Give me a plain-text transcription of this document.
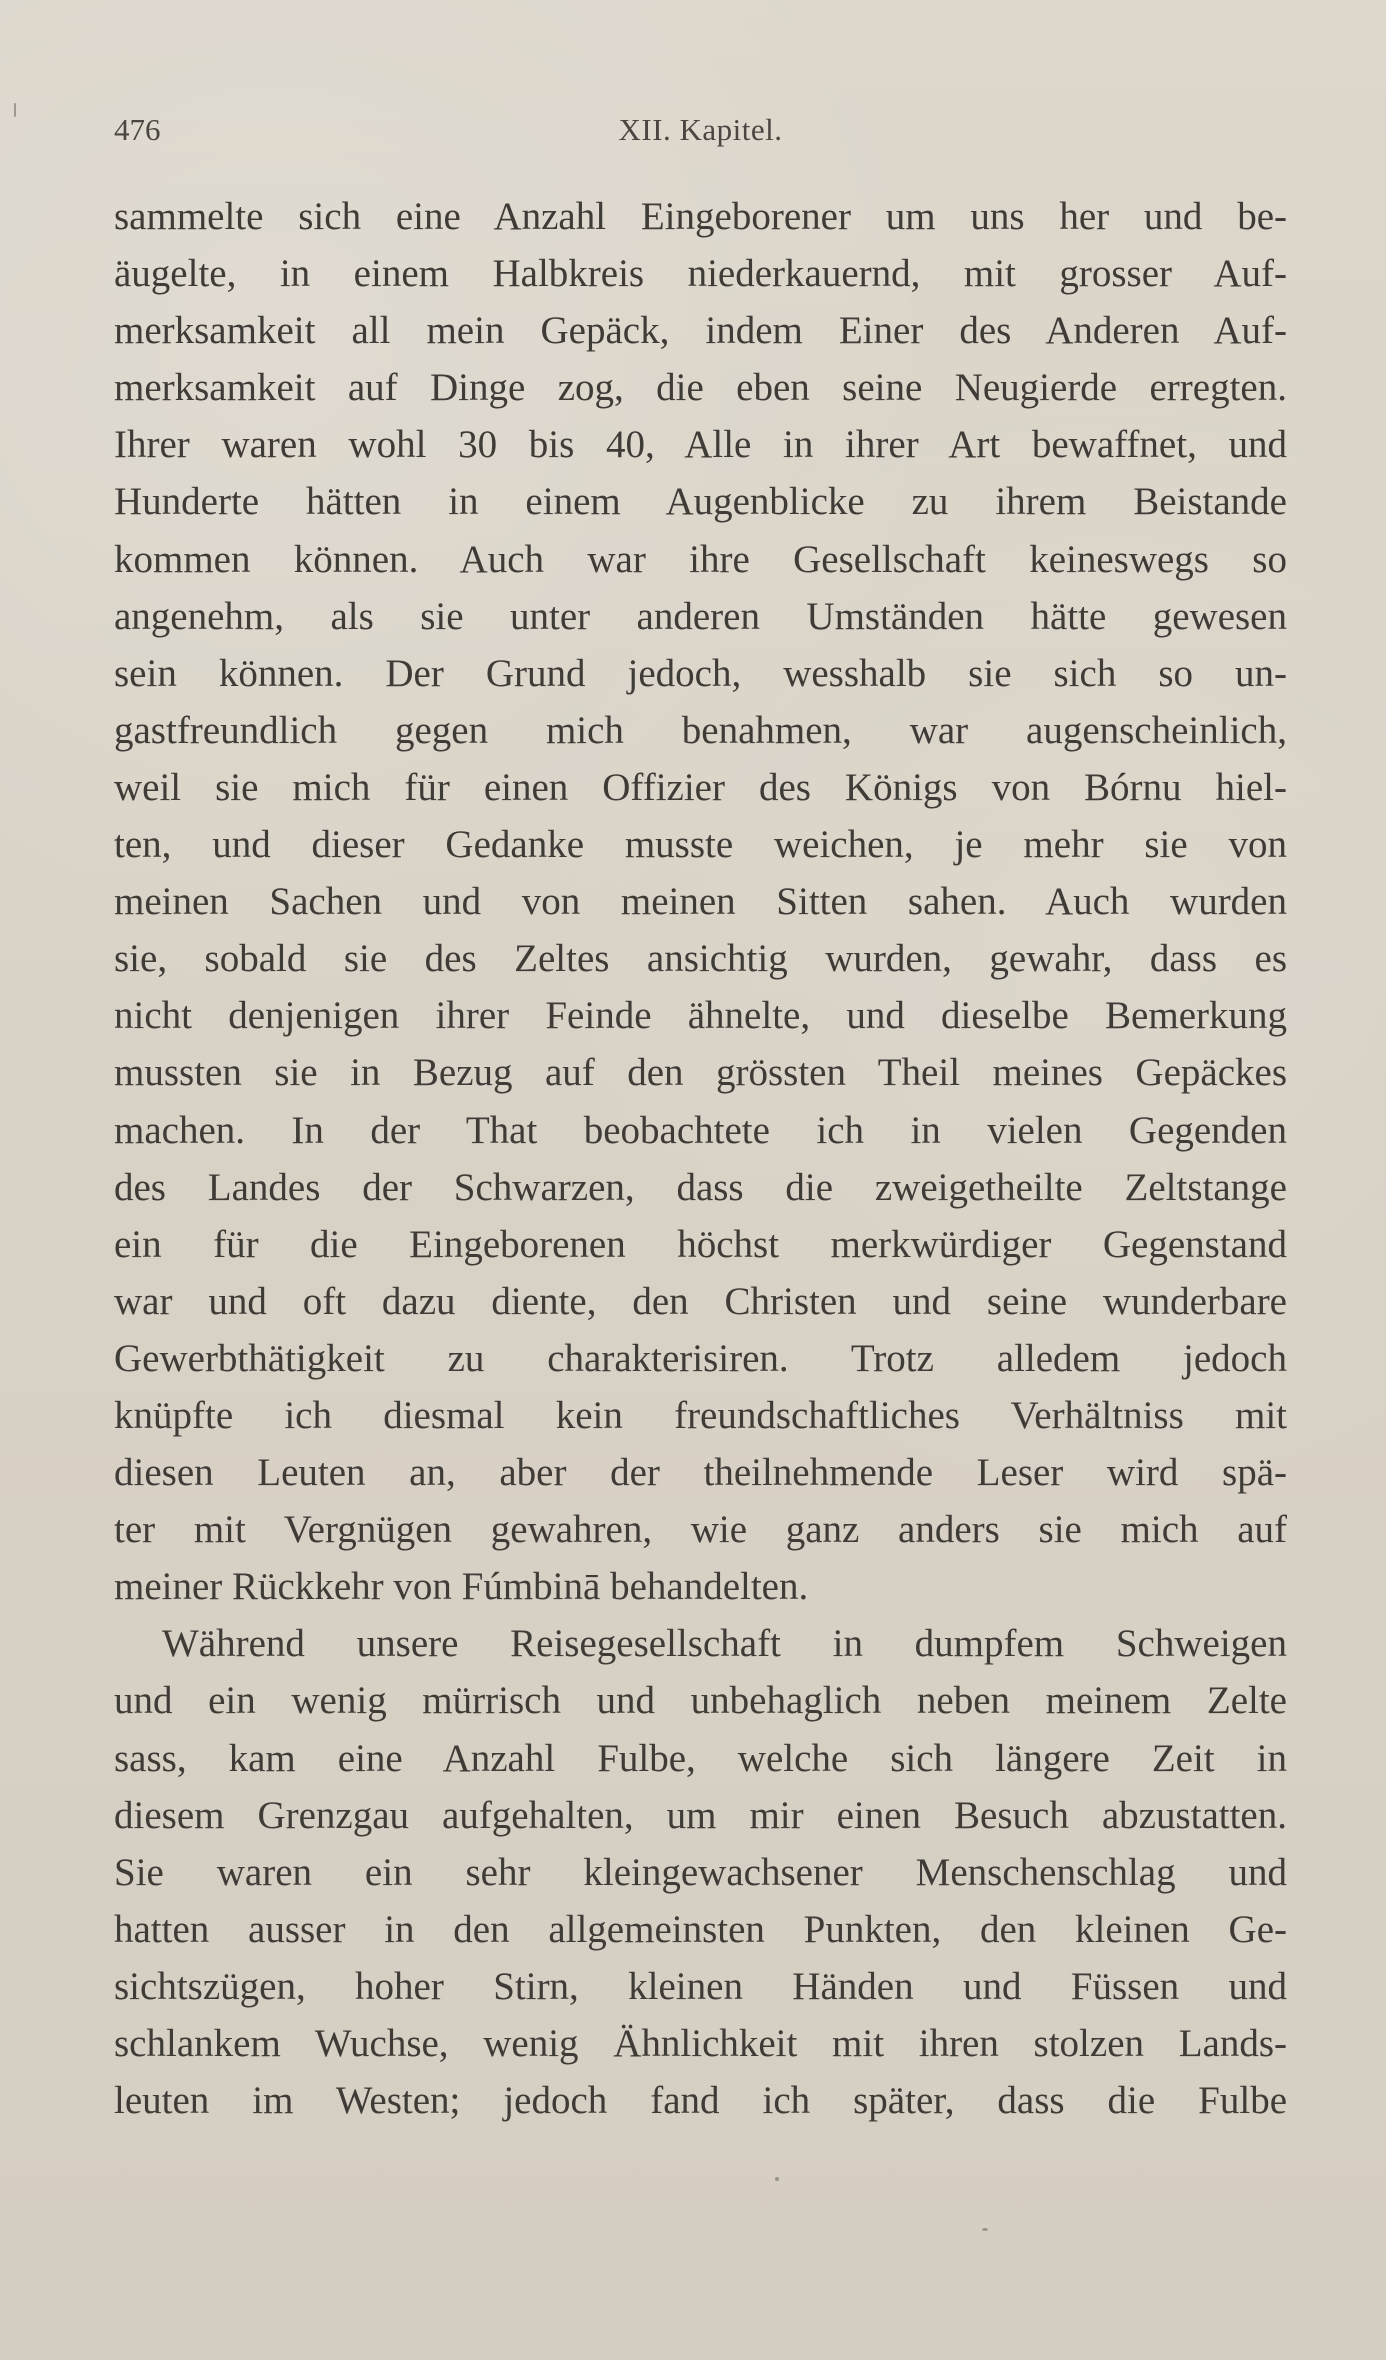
476	XII. Kapitel.
sammelte sich eine Anzahl Eingeborener um uns her und be-
äugelte, in einem Halbkreis niederkauernd, mit grosser Auf-
merksamkeit all mein Gepäck, indem Einer des Anderen Auf-
merksamkeit auf Dinge zog, die eben seine Neugierde erregten.
Ihrer waren wohl 30 bis 40, Alle in ihrer Art bewaffnet, und
Hunderte hätten in einem Augenblicke zu ihrem Beistande
kommen können. Auch war ihre Gesellschaft keineswegs so
angenehm, als sie unter anderen Umständen hätte gewesen
sein können. Der Grund jedoch, wesshalb sie sich so un-
gastfreundlich gegen mich benahmen, war augenscheinlich,
weil sie mich für einen Offizier des Königs von Bórnu hiel-
ten, und dieser Gedanke musste weichen, je mehr sie von
meinen Sachen und von meinen Sitten sahen. Auch wurden
sie, sobald sie des Zeltes ansichtig wurden, gewahr, dass es
nicht denjenigen ihrer Feinde ähnelte, und dieselbe Bemerkung
mussten sie in Bezug auf den grössten Theil meines Gepäckes
machen. In der That beobachtete ich in vielen Gegenden
des Landes der Schwarzen, dass die zweigetheilte Zeltstange
ein für die Eingeborenen höchst merkwürdiger Gegenstand
war und oft dazu diente, den Christen und seine wunderbare
Gewerbthätigkeit zu charakterisiren. Trotz alledem jedoch
knüpfte ich diesmal kein freundschaftliches Verhältniss mit
diesen Leuten an, aber der theilnehmende Leser wird spä-
ter mit Vergnügen gewahren, wie ganz anders sie mich auf
meiner Rückkehr von Fúmbinā behandelten.
Während unsere Reisegesellschaft in dumpfem Schweigen
und ein wenig mürrisch und unbehaglich neben meinem Zelte
sass, kam eine Anzahl Fulbe, welche sich längere Zeit in
diesem Grenzgau aufgehalten, um mir einen Besuch abzustatten.
Sie waren ein sehr kleingewachsener Menschenschlag und
hatten ausser in den allgemeinsten Punkten, den kleinen Ge-
sichtszügen, hoher Stirn, kleinen Händen und Füssen und
schlankem Wuchse, wenig Ähnlichkeit mit ihren stolzen Lands-
leuten im Westen; jedoch fand ich später, dass die Fulbe
